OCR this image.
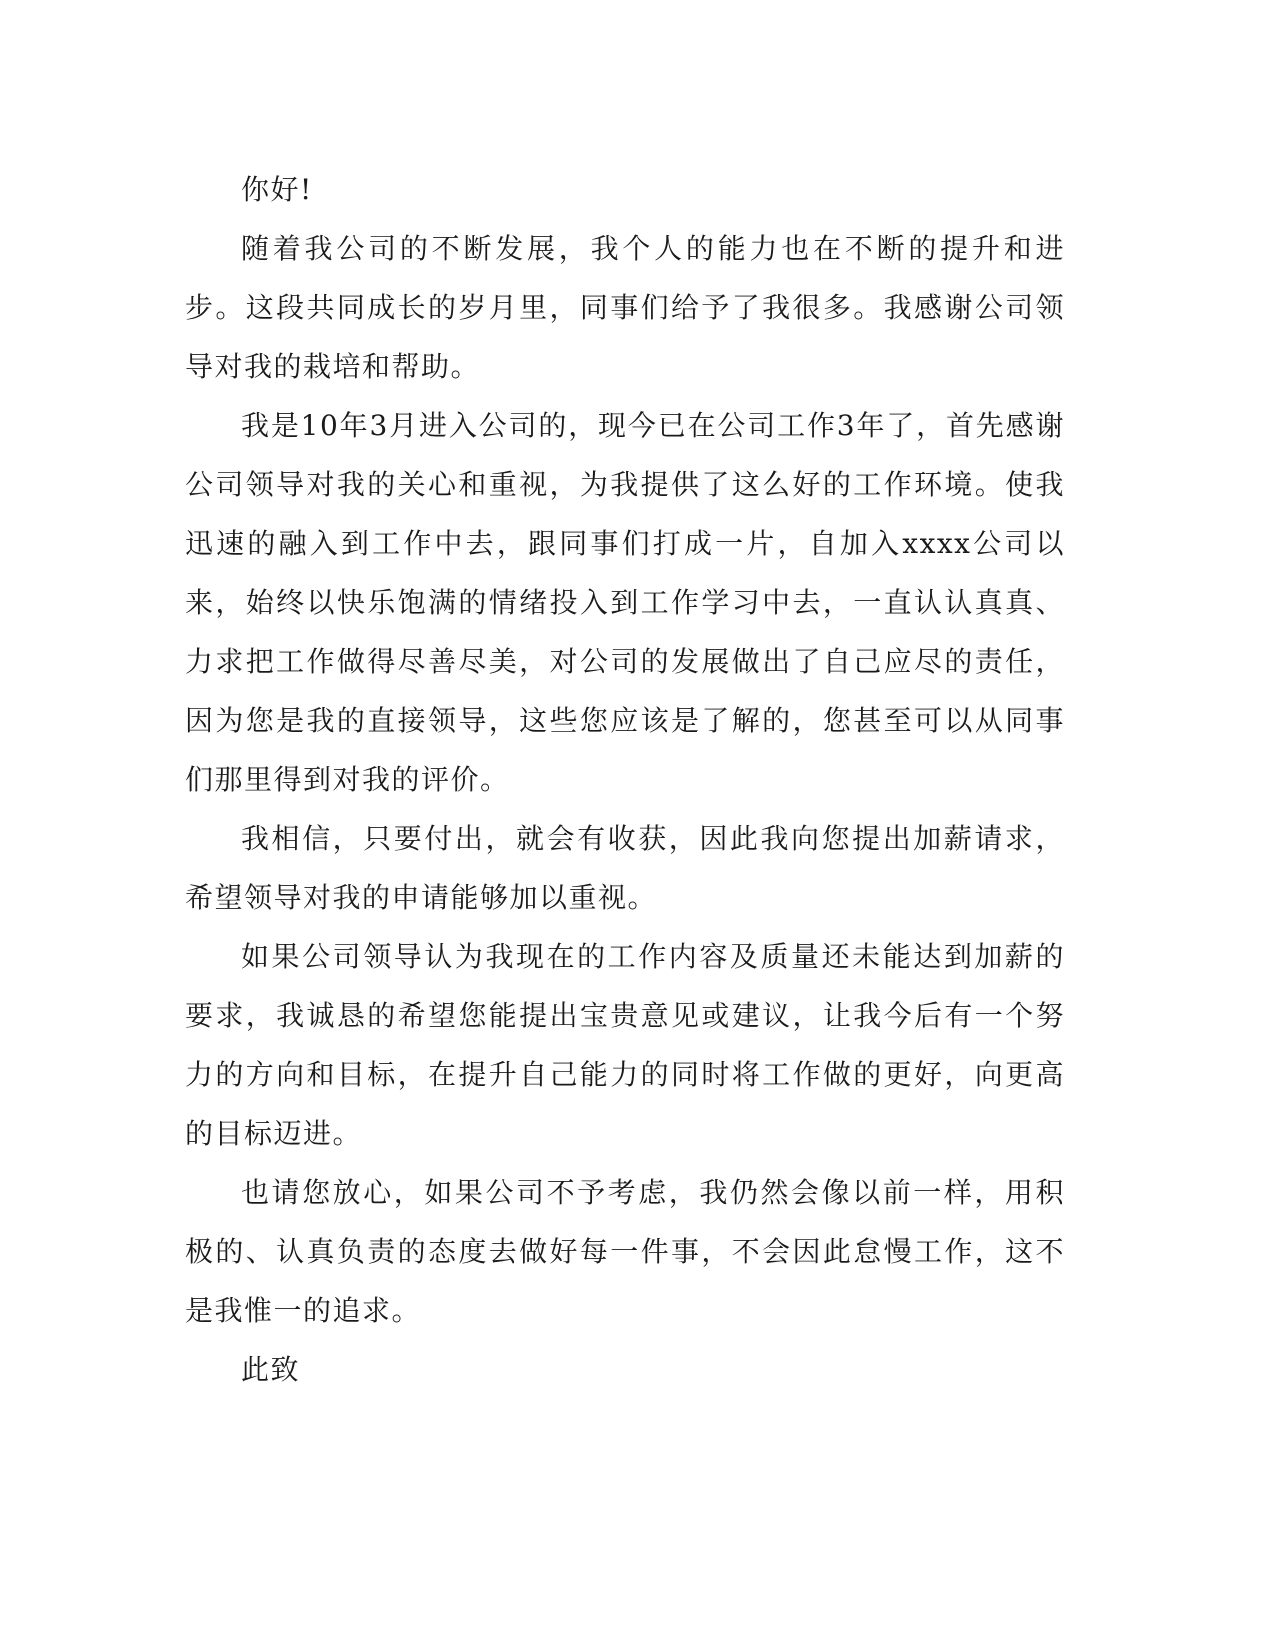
你好!

随着我公司的不断发展，我个人的能力也在不断的提升和进步。这段共同成长的岁月里，同事们给予了我很多。我感谢公司领导对我的栽培和帮助。

我是10年3月进入公司的，现今已在公司工作3年了，首先感谢公司领导对我的关心和重视，为我提供了这么好的工作环境。使我迅速的融入到工作中去，跟同事们打成一片，自加入xxxx公司以来，始终以快乐饱满的情绪投入到工作学习中去，一直认认真真、力求把工作做得尽善尽美，对公司的发展做出了自己应尽的责任，因为您是我的直接领导，这些您应该是了解的，您甚至可以从同事们那里得到对我的评价。

我相信，只要付出，就会有收获，因此我向您提出加薪请求，希望领导对我的申请能够加以重视。

如果公司领导认为我现在的工作内容及质量还未能达到加薪的要求，我诚恳的希望您能提出宝贵意见或建议，让我今后有一个努力的方向和目标，在提升自己能力的同时将工作做的更好，向更高的目标迈进。

也请您放心，如果公司不予考虑，我仍然会像以前一样，用积极的、认真负责的态度去做好每一件事，不会因此怠慢工作，这不是我惟一的追求。

此致
